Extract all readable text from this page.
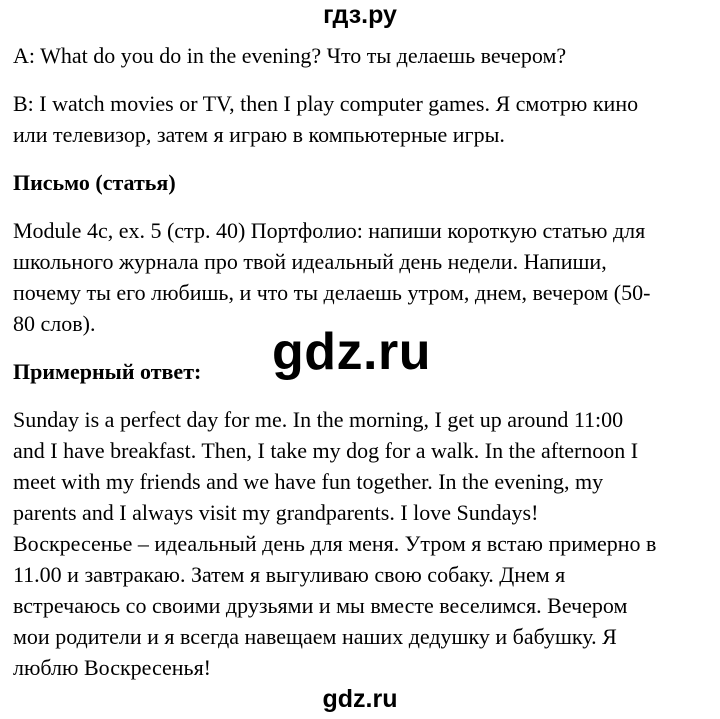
гдз.ру
A: What do you do in the evening? Что ты делаешь вечером?
B: I watch movies or TV, then I play computer games. Я смотрю кино
или телевизор, затем я играю в компьютерные игры.
Письмо (статья)
Module 4c, ex. 5 (стр. 40) Портфолио: напиши короткую статью для
школьного журнала про твой идеальный день недели. Напиши,
почему ты его любишь, и что ты делаешь утром, днем, вечером (50-
80 слов).
Примерный ответ:
Sunday is a perfect day for me. In the morning, I get up around 11:00
and I have breakfast. Then, I take my dog for a walk. In the afternoon I
meet with my friends and we have fun together. In the evening, my
parents and I always visit my grandparents. I love Sundays!
Воскресенье – идеальный день для меня. Утром я встаю примерно в
11.00 и завтракаю. Затем я выгуливаю свою собаку. Днем я
встречаюсь со своими друзьями и мы вместе веселимся. Вечером
мои родители и я всегда навещаем наших дедушку и бабушку. Я
люблю Воскресенья!
gdz.ru
gdz.ru
